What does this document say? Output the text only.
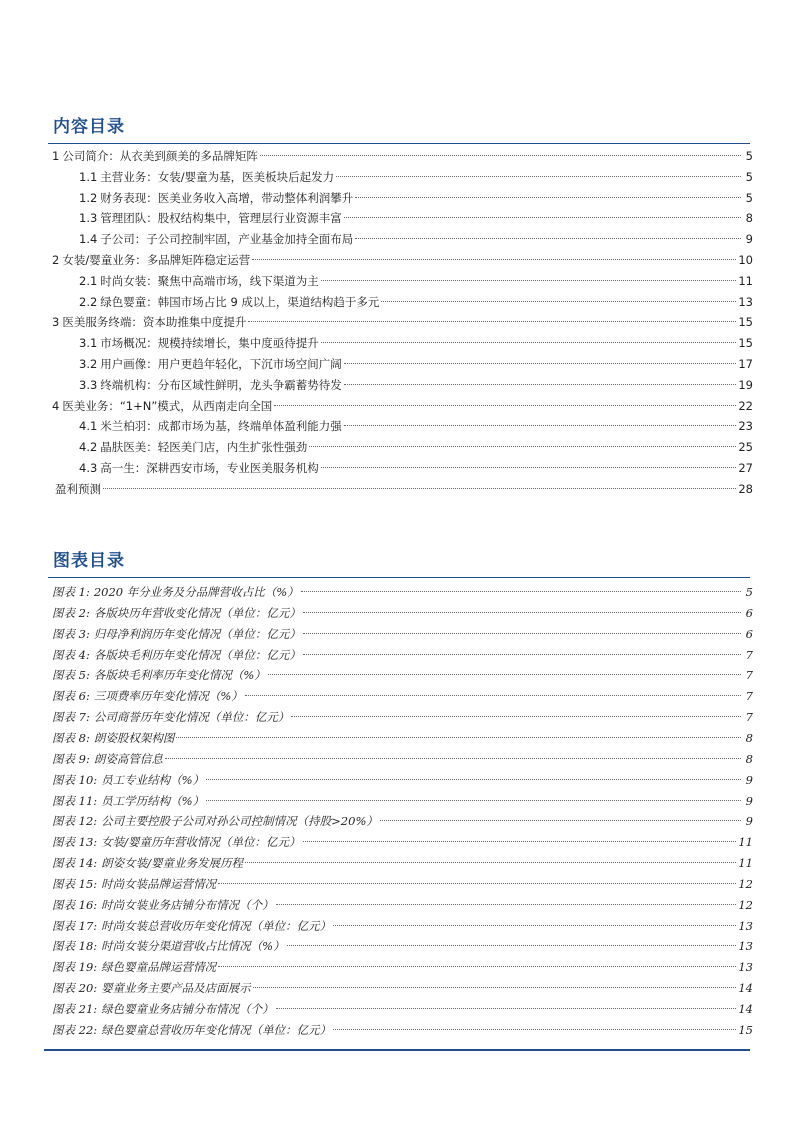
内容目录
1 公司简介：从衣美到颜美的多品牌矩阵	5
1.1 主营业务：女装/婴童为基，医美板块后起发力	5
1.2 财务表现：医美业务收入高增，带动整体利润攀升	5
1.3 管理团队：股权结构集中，管理层行业资源丰富	8
1.4 子公司：子公司控制牢固，产业基金加持全面布局	9
2 女装/婴童业务：多品牌矩阵稳定运营	10
2.1 时尚女装：聚焦中高端市场，线下渠道为主	11
2.2 绿色婴童：韩国市场占比 9 成以上，渠道结构趋于多元	13
3 医美服务终端：资本助推集中度提升	15
3.1 市场概况：规模持续增长，集中度亟待提升	15
3.2 用户画像：用户更趋年轻化，下沉市场空间广阔	17
3.3 终端机构：分布区域性鲜明，龙头争霸蓄势待发	19
4 医美业务：“1+N”模式，从西南走向全国	22
4.1 米兰柏羽：成都市场为基，终端单体盈利能力强	23
4.2 晶肤医美：轻医美门店，内生扩张性强劲	25
4.3 高一生：深耕西安市场，专业医美服务机构	27
盈利预测	28
图表目录
图表 1: 2020 年分业务及分品牌营收占比（%）	5
图表 2: 各版块历年营收变化情况（单位：亿元）	6
图表 3: 归母净利润历年变化情况（单位：亿元）	6
图表 4: 各版块毛利历年变化情况（单位：亿元）	7
图表 5: 各版块毛利率历年变化情况（%）	7
图表 6: 三项费率历年变化情况（%）	7
图表 7: 公司商誉历年变化情况（单位：亿元）	7
图表 8: 朗姿股权架构图	8
图表 9: 朗姿高管信息	8
图表 10: 员工专业结构（%）	9
图表 11: 员工学历结构（%）	9
图表 12: 公司主要控股子公司对孙公司控制情况（持股>20%）	9
图表 13: 女装/婴童历年营收情况（单位：亿元）	11
图表 14: 朗姿女装/婴童业务发展历程	11
图表 15: 时尚女装品牌运营情况	12
图表 16: 时尚女装业务店铺分布情况（个）	12
图表 17: 时尚女装总营收历年变化情况（单位：亿元）	13
图表 18: 时尚女装分渠道营收占比情况（%）	13
图表 19: 绿色婴童品牌运营情况	13
图表 20: 婴童业务主要产品及店面展示	14
图表 21: 绿色婴童业务店铺分布情况（个）	14
图表 22: 绿色婴童总营收历年变化情况（单位：亿元）	15
